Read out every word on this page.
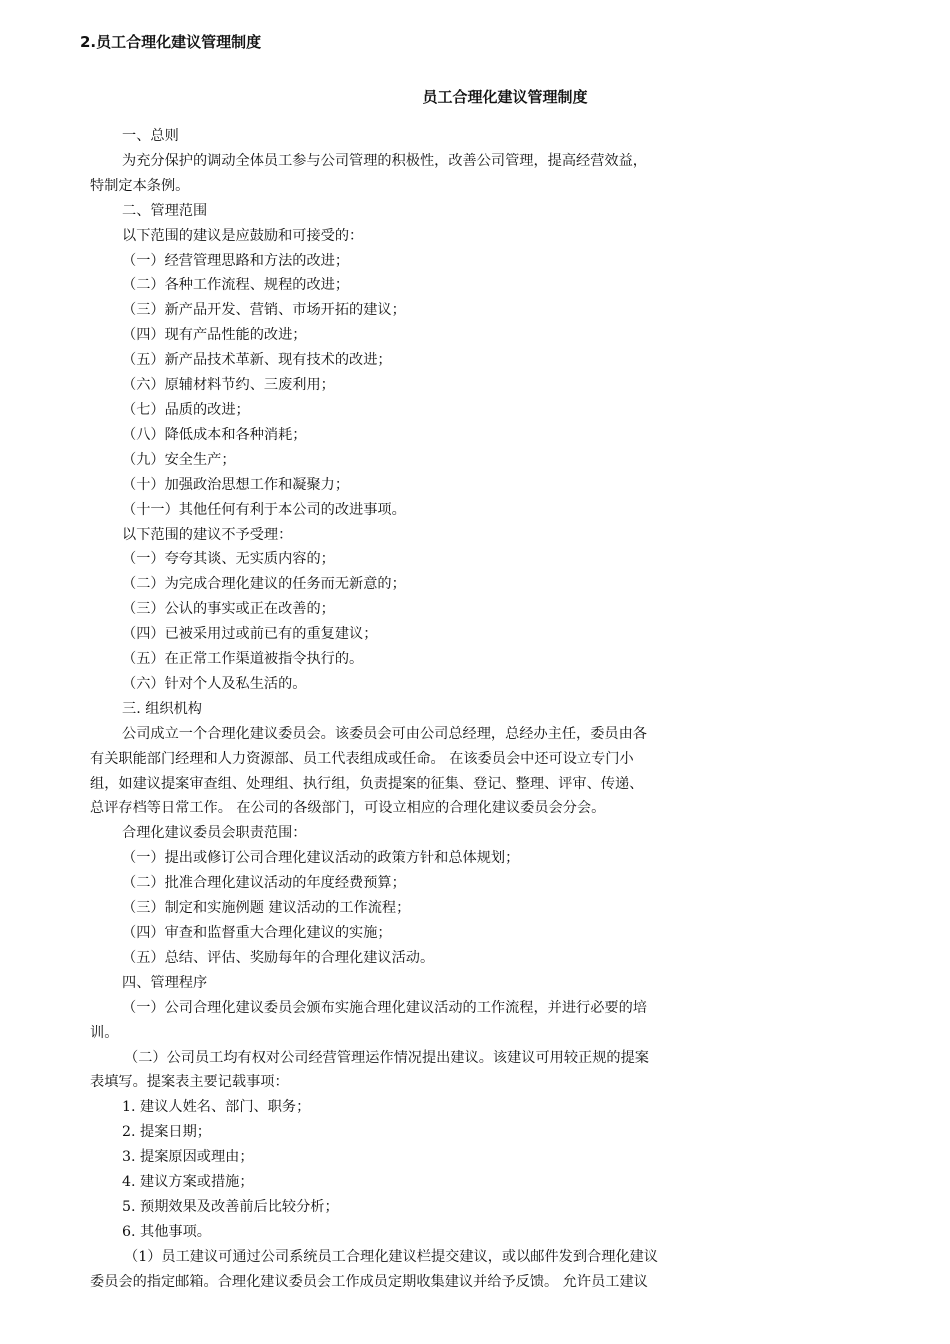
2.员工合理化建议管理制度
员工合理化建议管理制度

一、总则

为充分保护的调动全体员工参与公司管理的积极性，改善公司管理，提高经营效益，

特制定本条例。

二、管理范围

以下范围的建议是应鼓励和可接受的：

（一）经营管理思路和方法的改进；

（二）各种工作流程、规程的改进；

（三）新产品开发、营销、市场开拓的建议；

（四）现有产品性能的改进；

（五）新产品技术革新、现有技术的改进；

（六）原辅材料节约、三废利用；

（七）品质的改进；

（八）降低成本和各种消耗；

（九）安全生产；

（十）加强政治思想工作和凝聚力；

（十一）其他任何有利于本公司的改进事项。

以下范围的建议不予受理：

（一）夸夸其谈、无实质内容的；

（二）为完成合理化建议的任务而无新意的；

（三）公认的事实或正在改善的；

（四）已被采用过或前已有的重复建议；

（五）在正常工作渠道被指令执行的。

（六）针对个人及私生活的。

三. 组织机构

公司成立一个合理化建议委员会。该委员会可由公司总经理，总经办主任，委员由各

有关职能部门经理和人力资源部、员工代表组成或任命。 在该委员会中还可设立专门小

组，如建议提案审查组、处理组、执行组，负责提案的征集、登记、整理、评审、传递、

总评存档等日常工作。 在公司的各级部门，可设立相应的合理化建议委员会分会。

合理化建议委员会职责范围：

（一）提出或修订公司合理化建议活动的政策方针和总体规划；

（二）批准合理化建议活动的年度经费预算；

（三）制定和实施例题 建议活动的工作流程；

（四）审查和监督重大合理化建议的实施；

（五）总结、评估、奖励每年的合理化建议活动。

四、管理程序

（一）公司合理化建议委员会颁布实施合理化建议活动的工作流程，并进行必要的培

训。

（二）公司员工均有权对公司经营管理运作情况提出建议。该建议可用较正规的提案

表填写。提案表主要记载事项：

1. 建议人姓名、部门、职务；

2. 提案日期；

3. 提案原因或理由；

4. 建议方案或措施；

5. 预期效果及改善前后比较分析；

6. 其他事项。

（1）员工建议可通过公司系统员工合理化建议栏提交建议，或以邮件发到合理化建议

委员会的指定邮箱。合理化建议委员会工作成员定期收集建议并给予反馈。 允许员工建议
